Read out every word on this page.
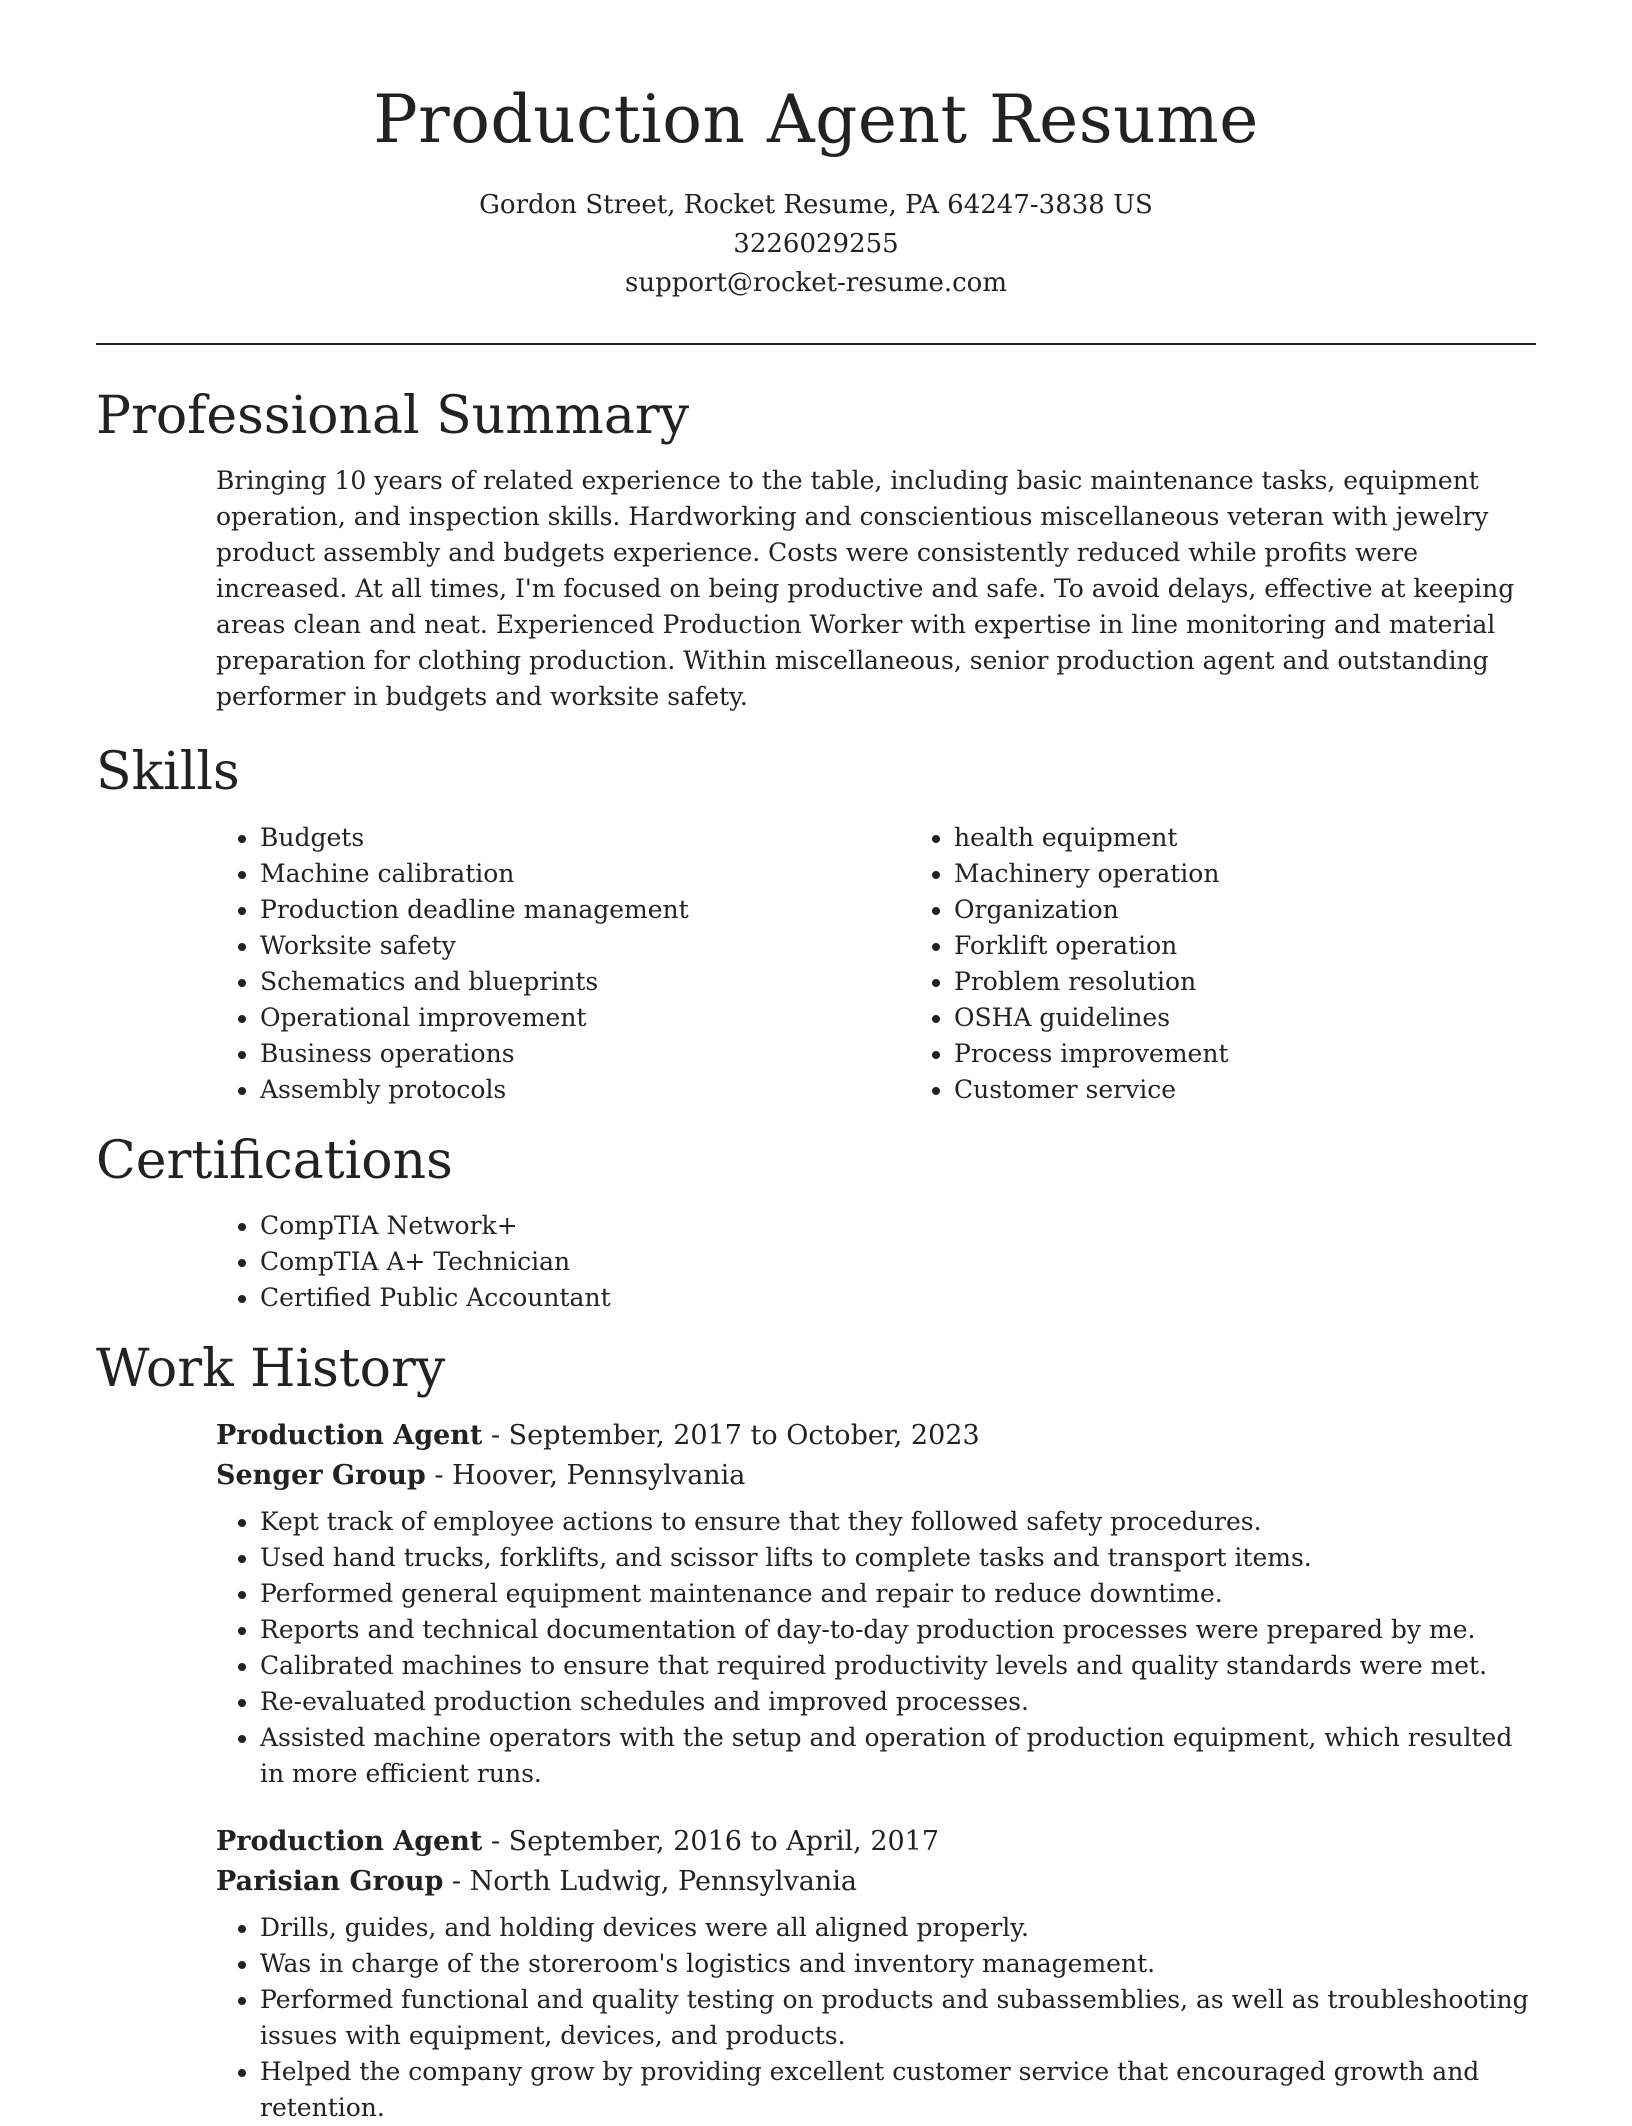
Production Agent Resume
Gordon Street, Rocket Resume, PA 64247-3838 US
3226029255
support@rocket-resume.com
Professional Summary

Bringing 10 years of related experience to the table, including basic maintenance tasks, equipment operation, and inspection skills. Hardworking and conscientious miscellaneous veteran with jewelry product assembly and budgets experience. Costs were consistently reduced while profits were increased. At all times, I'm focused on being productive and safe. To avoid delays, effective at keeping areas clean and neat. Experienced Production Worker with expertise in line monitoring and material preparation for clothing production. Within miscellaneous, senior production agent and outstanding performer in budgets and worksite safety.

Skills
• Budgets
• Machine calibration
• Production deadline management
• Worksite safety
• Schematics and blueprints
• Operational improvement
• Business operations
• Assembly protocols
• health equipment
• Machinery operation
• Organization
• Forklift operation
• Problem resolution
• OSHA guidelines
• Process improvement
• Customer service
Certifications
• CompTIA Network+
• CompTIA A+ Technician
• Certified Public Accountant
Work History
Production Agent - September, 2017 to October, 2023
Senger Group - Hoover, Pennsylvania
• Kept track of employee actions to ensure that they followed safety procedures.
• Used hand trucks, forklifts, and scissor lifts to complete tasks and transport items.
• Performed general equipment maintenance and repair to reduce downtime.
• Reports and technical documentation of day-to-day production processes were prepared by me.
• Calibrated machines to ensure that required productivity levels and quality standards were met.
• Re-evaluated production schedules and improved processes.
• Assisted machine operators with the setup and operation of production equipment, which resulted in more efficient runs.
Production Agent - September, 2016 to April, 2017
Parisian Group - North Ludwig, Pennsylvania
• Drills, guides, and holding devices were all aligned properly.
• Was in charge of the storeroom's logistics and inventory management.
• Performed functional and quality testing on products and subassemblies, as well as troubleshooting issues with equipment, devices, and products.
• Helped the company grow by providing excellent customer service that encouraged growth and retention.
